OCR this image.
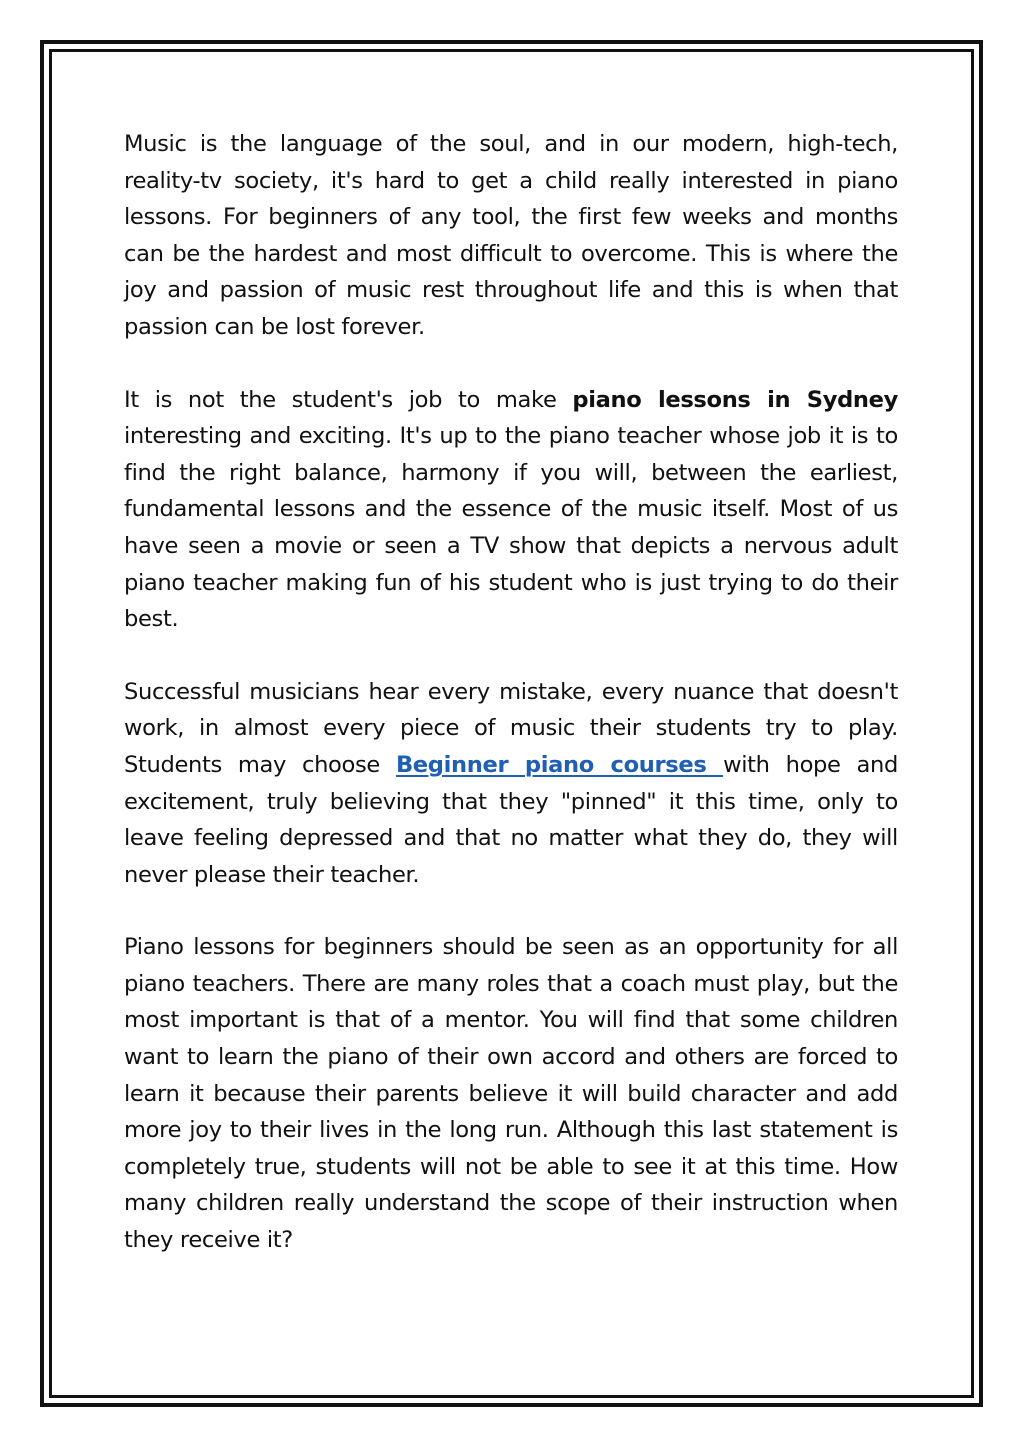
Music is the language of the soul, and in our modern, high-tech, reality-tv society, it's hard to get a child really interested in piano lessons. For beginners of any tool, the first few weeks and months can be the hardest and most difficult to overcome. This is where the joy and passion of music rest throughout life and this is when that passion can be lost forever.

It is not the student's job to make piano lessons in Sydney interesting and exciting. It's up to the piano teacher whose job it is to find the right balance, harmony if you will, between the earliest, fundamental lessons and the essence of the music itself. Most of us have seen a movie or seen a TV show that depicts a nervous adult piano teacher making fun of his student who is just trying to do their best.

Successful musicians hear every mistake, every nuance that doesn't work, in almost every piece of music their students try to play. Students may choose Beginner piano courses with hope and excitement, truly believing that they "pinned" it this time, only to leave feeling depressed and that no matter what they do, they will never please their teacher.

Piano lessons for beginners should be seen as an opportunity for all piano teachers. There are many roles that a coach must play, but the most important is that of a mentor. You will find that some children want to learn the piano of their own accord and others are forced to learn it because their parents believe it will build character and add more joy to their lives in the long run. Although this last statement is completely true, students will not be able to see it at this time. How many children really understand the scope of their instruction when they receive it?
